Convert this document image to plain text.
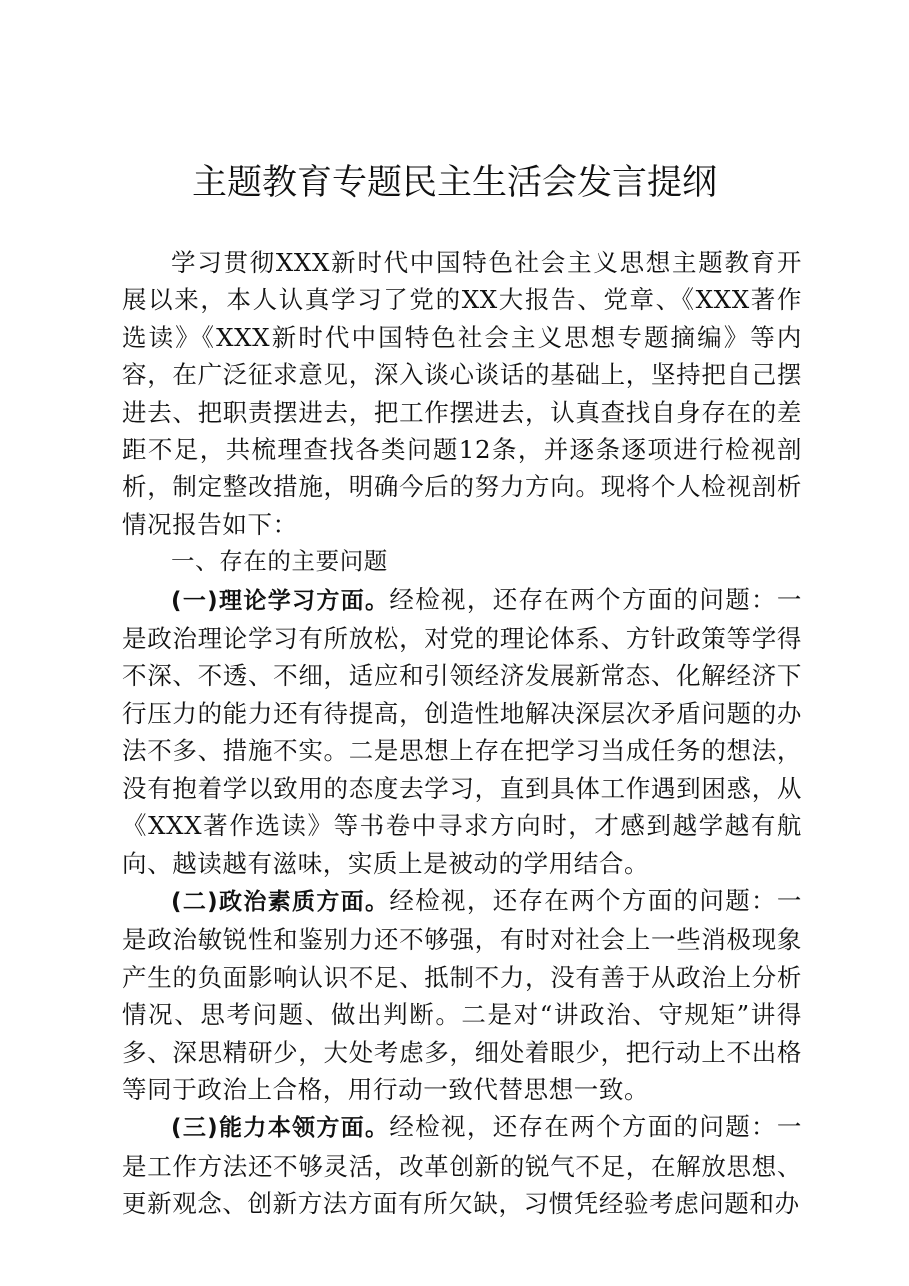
主题教育专题民主生活会发言提纲

学习贯彻XXX新时代中国特色社会主义思想主题教育开展以来，本人认真学习了党的XX大报告、党章、《XXX著作选读》《XXX新时代中国特色社会主义思想专题摘编》等内容，在广泛征求意见，深入谈心谈话的基础上，坚持把自己摆进去、把职责摆进去，把工作摆进去，认真查找自身存在的差距不足，共梳理查找各类问题12条，并逐条逐项进行检视剖析，制定整改措施，明确今后的努力方向。现将个人检视剖析情况报告如下：

一、存在的主要问题

(一)理论学习方面。经检视，还存在两个方面的问题：一是政治理论学习有所放松，对党的理论体系、方针政策等学得不深、不透、不细，适应和引领经济发展新常态、化解经济下行压力的能力还有待提高，创造性地解决深层次矛盾问题的办法不多、措施不实。二是思想上存在把学习当成任务的想法，没有抱着学以致用的态度去学习，直到具体工作遇到困惑，从《XXX著作选读》等书卷中寻求方向时，才感到越学越有航向、越读越有滋味，实质上是被动的学用结合。

(二)政治素质方面。经检视，还存在两个方面的问题：一是政治敏锐性和鉴别力还不够强，有时对社会上一些消极现象产生的负面影响认识不足、抵制不力，没有善于从政治上分析情况、思考问题、做出判断。二是对“讲政治、守规矩”讲得多、深思精研少，大处考虑多，细处着眼少，把行动上不出格等同于政治上合格，用行动一致代替思想一致。

(三)能力本领方面。经检视，还存在两个方面的问题：一是工作方法还不够灵活，改革创新的锐气不足，在解放思想、更新观念、创新方法方面有所欠缺，习惯凭经验考虑问题和办
